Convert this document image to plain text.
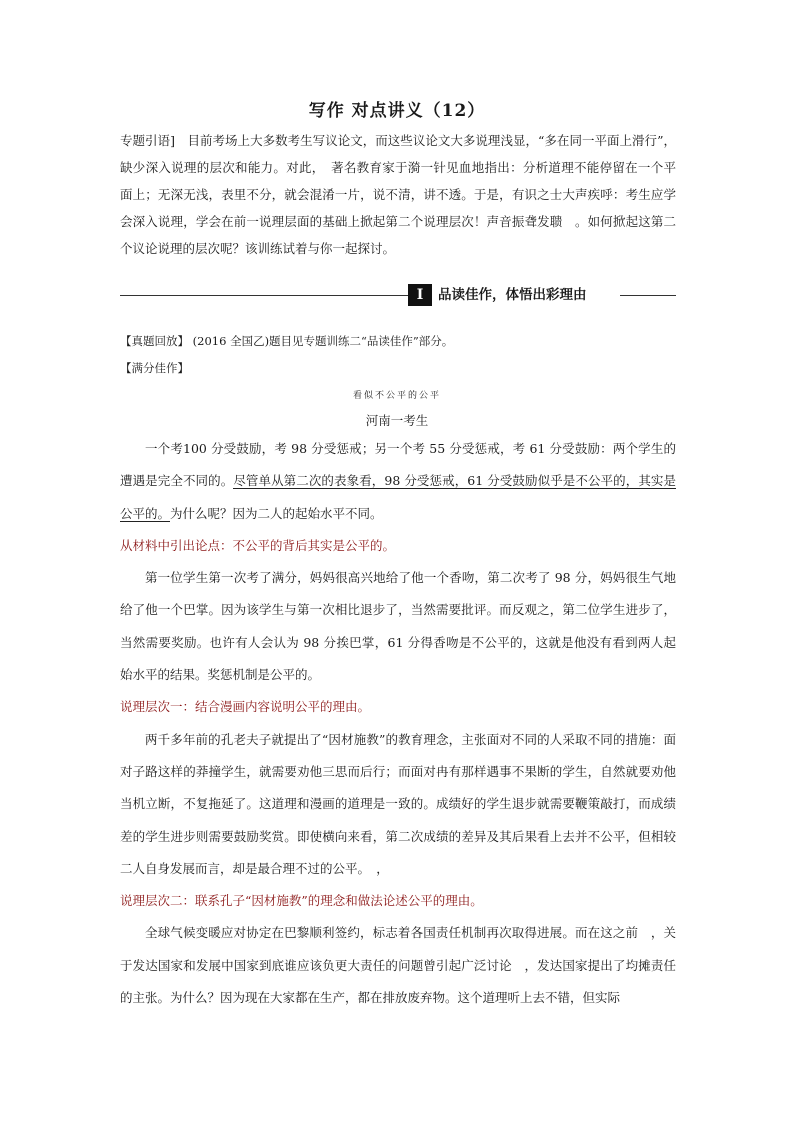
写作 对点讲义（12）

专题引语]　目前考场上大多数考生写议论文，而这些议论文大多说理浅显，“多在同一平面上滑行”，缺少深入说理的层次和能力。对此，　著名教育家于漪一针见血地指出：分析道理不能停留在一个平面上；无深无浅，表里不分，就会混淆一片，说不清，讲不透。于是，有识之士大声疾呼：考生应学会深入说理，学会在前一说理层面的基础上掀起第二个说理层次！声音振聋发聩　。如何掀起这第二个议论说理的层次呢？该训练试着与你一起探讨。

Ⅰ	品读佳作，体悟出彩理由
【真题回放】 (2016 全国乙)题目见专题训练二“品读佳作”部分。
【满分佳作】
看似不公平的公平
河南一考生

一个考100 分受鼓励，考 98 分受惩戒；另一个考 55 分受惩戒，考 61 分受鼓励：两个学生的遭遇是完全不同的。尽管单从第二次的表象看，98 分受惩戒，61 分受鼓励似乎是不公平的，其实是公平的。为什么呢？因为二人的起始水平不同。

从材料中引出论点：不公平的背后其实是公平的。

第一位学生第一次考了满分，妈妈很高兴地给了他一个香吻，第二次考了 98 分，妈妈很生气地给了他一个巴掌。因为该学生与第一次相比退步了，当然需要批评。而反观之，第二位学生进步了，当然需要奖励。也许有人会认为 98 分挨巴掌，61 分得香吻是不公平的，这就是他没有看到两人起始水平的结果。奖惩机制是公平的。

说理层次一：结合漫画内容说明公平的理由。

两千多年前的孔老夫子就提出了“因材施教”的教育理念，主张面对不同的人采取不同的措施：面对子路这样的莽撞学生，就需要劝他三思而后行；而面对冉有那样遇事不果断的学生，自然就要劝他当机立断，不复拖延了。这道理和漫画的道理是一致的。成绩好的学生退步就需要鞭策敲打，而成绩差的学生进步则需要鼓励奖赏。即使横向来看，第二次成绩的差异及其后果看上去并不公平，但相较二人自身发展而言，却是最合理不过的公平。　，

说理层次二：联系孔子“因材施教”的理念和做法论述公平的理由。

全球气候变暖应对协定在巴黎顺利签约，标志着各国责任机制再次取得进展。而在这之前　，关于发达国家和发展中国家到底谁应该负更大责任的问题曾引起广泛讨论　，发达国家提出了均摊责任的主张。为什么？因为现在大家都在生产，都在排放废弃物。这个道理听上去不错，但实际
